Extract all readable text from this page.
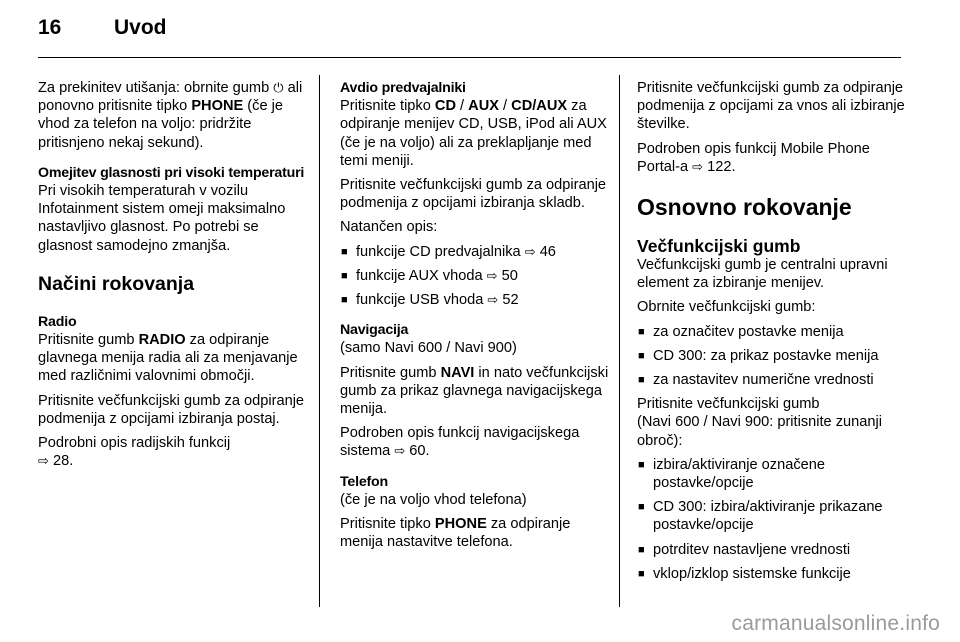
16	Uvod

Za prekinitev utišanja: obrnite gumb ⏻ ali ponovno pritisnite tipko PHONE (če je vhod za telefon na voljo: pridržite pritisnjeno nekaj sekund).

Omejitev glasnosti pri visoki temperaturi

Pri visokih temperaturah v vozilu Infotainment sistem omeji maksimalno nastavljivo glasnost. Po potrebi se glasnost samodejno zmanjša.

Načini rokovanja
Radio

Pritisnite gumb RADIO za odpiranje glavnega menija radia ali za menjavanje med različnimi valovnimi območji.

Pritisnite večfunkcijski gumb za odpiranje podmenija z opcijami izbiranja postaj.

Podrobni opis radijskih funkcij
⇨ 28.

Avdio predvajalniki

Pritisnite tipko CD / AUX / CD/AUX za odpiranje menijev CD, USB, iPod ali AUX (če je na voljo) ali za preklapljanje med temi meniji.

Pritisnite večfunkcijski gumb za odpiranje podmenija z opcijami izbiranja skladb.

Natančen opis:

■
funkcije CD predvajalnika ⇨ 46
■
funkcije AUX vhoda ⇨ 50
■
funkcije USB vhoda ⇨ 52
Navigacija

(samo Navi 600 / Navi 900)

Pritisnite gumb NAVI in nato večfunkcijski gumb za prikaz glavnega navigacijskega menija.

Podroben opis funkcij navigacijskega sistema ⇨ 60.

Telefon

(če je na voljo vhod telefona)

Pritisnite tipko PHONE za odpiranje menija nastavitve telefona.

Pritisnite večfunkcijski gumb za odpiranje podmenija z opcijami za vnos ali izbiranje številke.

Podroben opis funkcij Mobile Phone Portal-a ⇨ 122.

Osnovno rokovanje
Večfunkcijski gumb

Večfunkcijski gumb je centralni upravni element za izbiranje menijev.

Obrnite večfunkcijski gumb:

■
za označitev postavke menija
■
CD 300: za prikaz postavke menija
■
za nastavitev numerične vrednosti

Pritisnite večfunkcijski gumb

(Navi 600 / Navi 900: pritisnite zunanji obroč):

■
izbira/aktiviranje označene postavke/opcije
■
CD 300: izbira/aktiviranje prikazane postavke/opcije
■
potrditev nastavljene vrednosti
■
vklop/izklop sistemske funkcije
carmanualsonline.info
